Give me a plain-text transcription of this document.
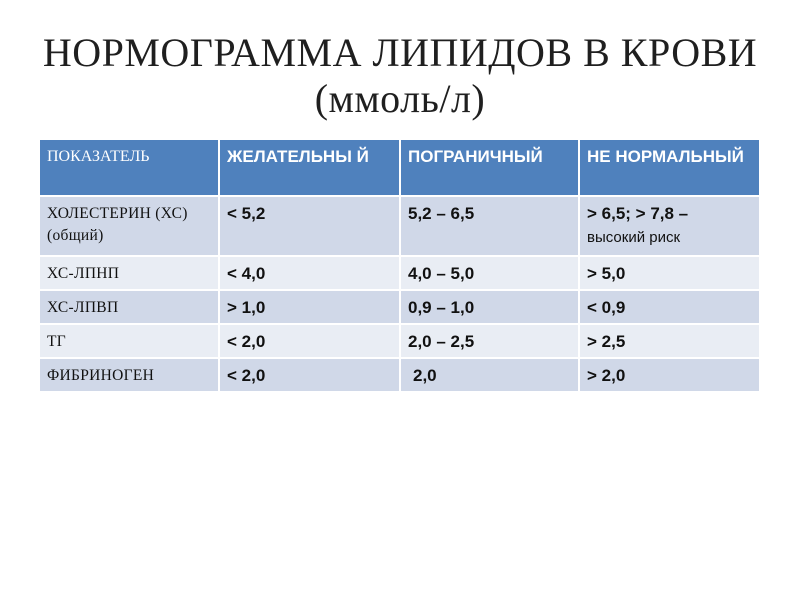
НОРМОГРАММА ЛИПИДОВ В КРОВИ
(ммоль/л)
ПОКАЗАТЕЛЬ	ЖЕЛАТЕЛЬНЫ Й	ПОГРАНИЧНЫЙ	НЕ НОРМАЛЬНЫЙ
ХОЛЕСТЕРИН (ХС) (общий)	< 5,2	5,2 – 6,5	> 6,5; > 7,8 –
высокий риск

ХС-ЛПНП	< 4,0	4,0 – 5,0	> 5,0
ХС-ЛПВП	> 1,0	0,9 – 1,0	< 0,9
ТГ	< 2,0	2,0 – 2,5	> 2,5
ФИБРИНОГЕН	< 2,0	2,0	> 2,0
